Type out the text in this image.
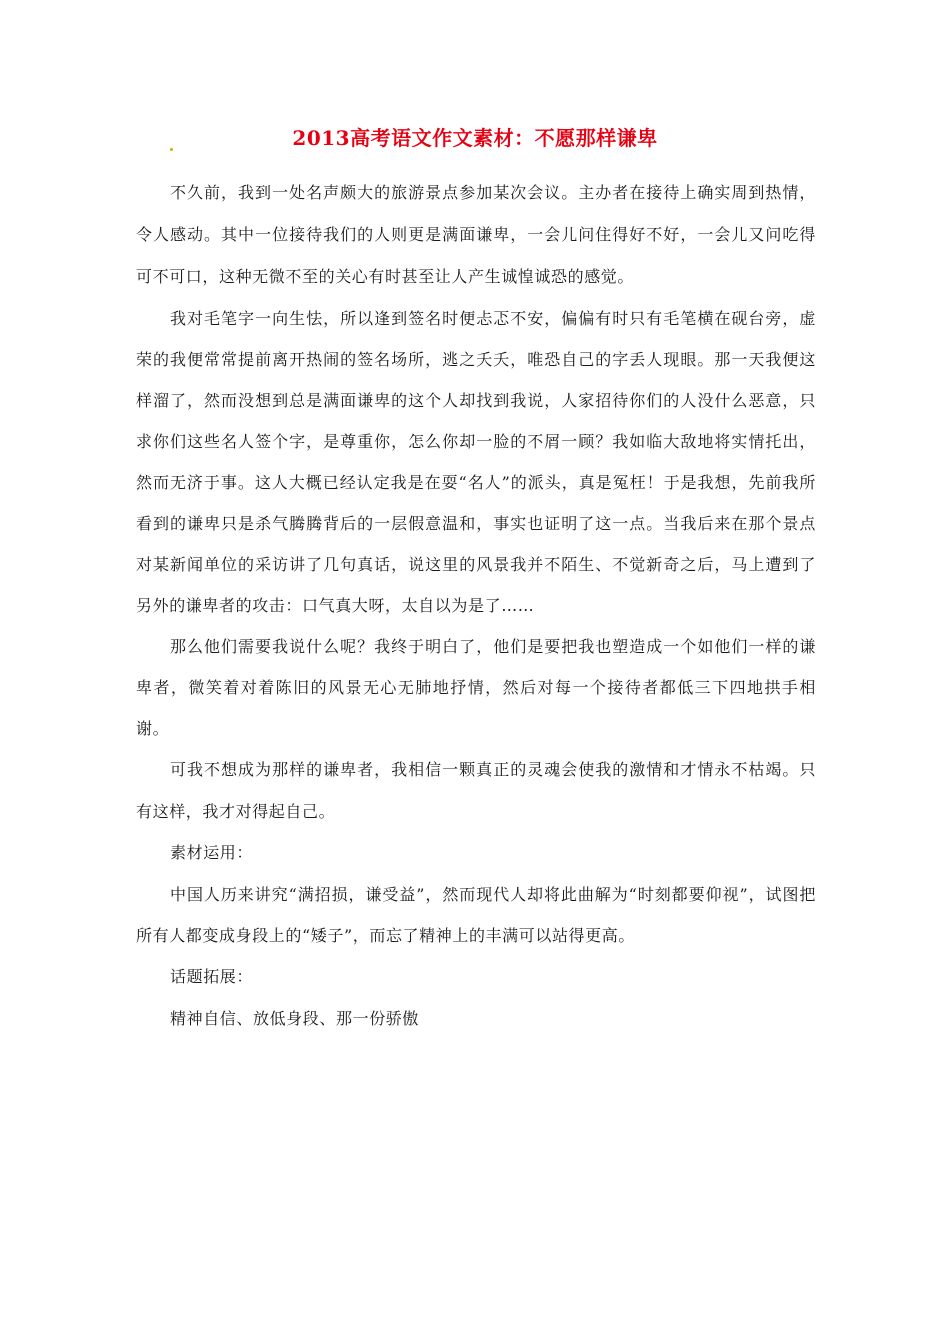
2013高考语文作文素材：不愿那样谦卑

不久前，我到一处名声颇大的旅游景点参加某次会议。主办者在接待上确实周到热情，令人感动。其中一位接待我们的人则更是满面谦卑，一会儿问住得好不好，一会儿又问吃得可不可口，这种无微不至的关心有时甚至让人产生诚惶诚恐的感觉。

我对毛笔字一向生怯，所以逢到签名时便忐忑不安，偏偏有时只有毛笔横在砚台旁，虚荣的我便常常提前离开热闹的签名场所，逃之夭夭，唯恐自己的字丢人现眼。那一天我便这样溜了，然而没想到总是满面谦卑的这个人却找到我说，人家招待你们的人没什么恶意，只求你们这些名人签个字，是尊重你，怎么你却一脸的不屑一顾？我如临大敌地将实情托出，然而无济于事。这人大概已经认定我是在耍“名人”的派头，真是冤枉！于是我想，先前我所看到的谦卑只是杀气腾腾背后的一层假意温和，事实也证明了这一点。当我后来在那个景点对某新闻单位的采访讲了几句真话，说这里的风景我并不陌生、不觉新奇之后，马上遭到了另外的谦卑者的攻击：口气真大呀，太自以为是了……

那么他们需要我说什么呢？我终于明白了，他们是要把我也塑造成一个如他们一样的谦卑者，微笑着对着陈旧的风景无心无肺地抒情，然后对每一个接待者都低三下四地拱手相谢。

可我不想成为那样的谦卑者，我相信一颗真正的灵魂会使我的激情和才情永不枯竭。只有这样，我才对得起自己。

素材运用：

中国人历来讲究“满招损，谦受益”，然而现代人却将此曲解为“时刻都要仰视”，试图把所有人都变成身段上的“矮子”，而忘了精神上的丰满可以站得更高。

话题拓展：

精神自信、放低身段、那一份骄傲
